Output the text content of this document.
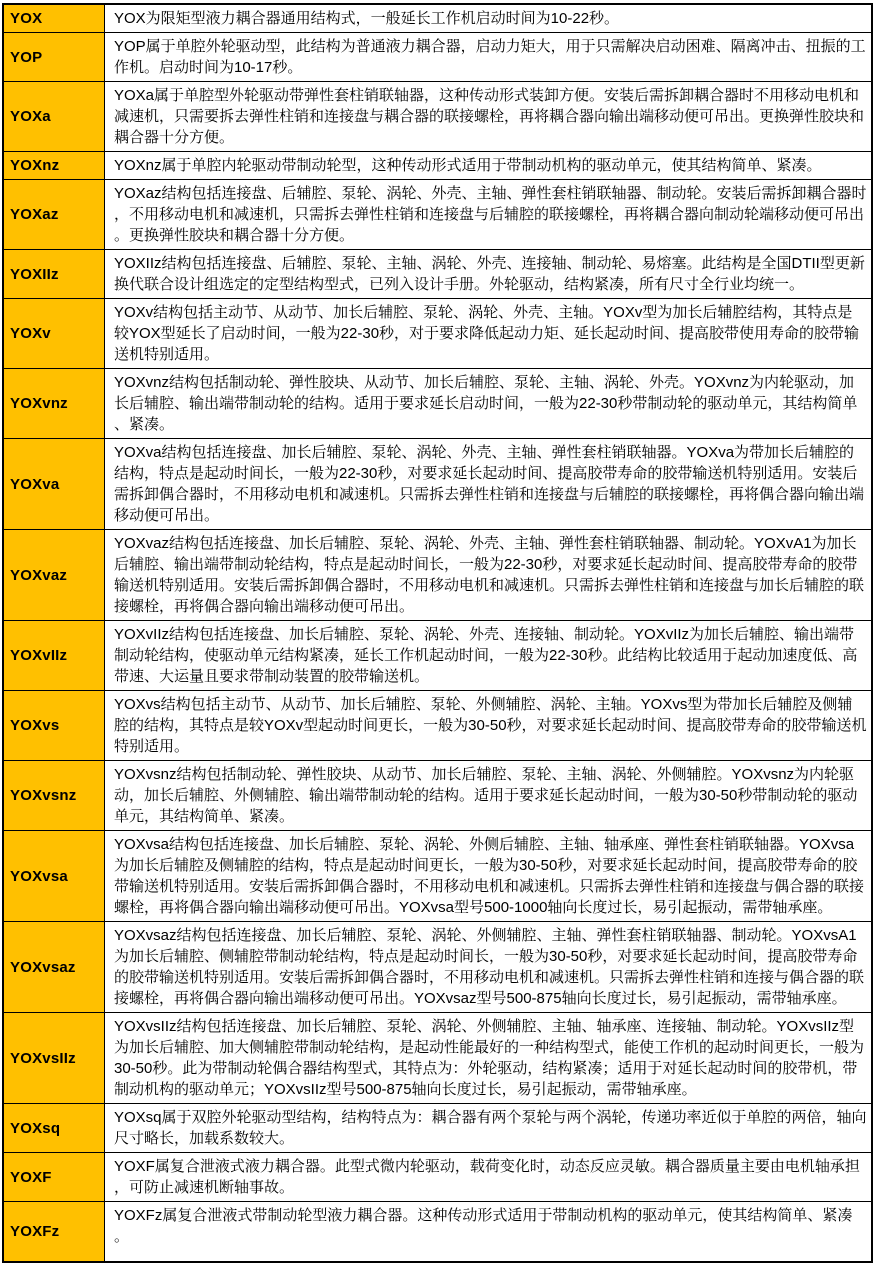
YOX	YOX为限矩型液力耦合器通用结构式，一般延长工作机启动时间为10-22秒。
YOP	YOP属于单腔外轮驱动型，此结构为普通液力耦合器，启动力矩大，用于只需解决启动困难、隔离冲击、扭振的工作机。启动时间为10-17秒。
YOXa	YOXa属于单腔型外轮驱动带弹性套柱销联轴器，这种传动形式装卸方便。安装后需拆卸耦合器时不用移动电机和减速机，只需要拆去弹性柱销和连接盘与耦合器的联接螺栓，再将耦合器向输出端移动便可吊出。更换弹性胶块和耦合器十分方便。
YOXnz	YOXnz属于单腔内轮驱动带制动轮型，这种传动形式适用于带制动机构的驱动单元，使其结构简单、紧凑。
YOXaz	YOXaz结构包括连接盘、后辅腔、泵轮、涡轮、外壳、主轴、弹性套柱销联轴器、制动轮。安装后需拆卸耦合器时，不用移动电机和减速机，只需拆去弹性柱销和连接盘与后辅腔的联接螺栓，再将耦合器向制动轮端移动便可吊出。更换弹性胶块和耦合器十分方便。
YOXIIz	YOXIIz结构包括连接盘、后辅腔、泵轮、主轴、涡轮、外壳、连接轴、制动轮、易熔塞。此结构是全国DTII型更新换代联合设计组选定的定型结构型式，已列入设计手册。外轮驱动，结构紧凑，所有尺寸全行业均统一。
YOXv	YOXv结构包括主动节、从动节、加长后辅腔、泵轮、涡轮、外壳、主轴。YOXv型为加长后辅腔结构，其特点是较YOX型延长了启动时间，一般为22-30秒，对于要求降低起动力矩、延长起动时间、提高胶带使用寿命的胶带输送机特别适用。
YOXvnz	YOXvnz结构包括制动轮、弹性胶块、从动节、加长后辅腔、泵轮、主轴、涡轮、外壳。YOXvnz为内轮驱动，加长后辅腔、输出端带制动轮的结构。适用于要求延长启动时间，一般为22-30秒带制动轮的驱动单元，其结构简单、紧凑。
YOXva	YOXva结构包括连接盘、加长后辅腔、泵轮、涡轮、外壳、主轴、弹性套柱销联轴器。YOXva为带加长后辅腔的结构，特点是起动时间长，一般为22-30秒，对要求延长起动时间、提高胶带寿命的胶带输送机特别适用。安装后需拆卸偶合器时，不用移动电机和减速机。只需拆去弹性柱销和连接盘与后辅腔的联接螺栓，再将偶合器向输出端移动便可吊出。
YOXvaz	YOXvaz结构包括连接盘、加长后辅腔、泵轮、涡轮、外壳、主轴、弹性套柱销联轴器、制动轮。YOXvA1为加长后辅腔、输出端带制动轮结构，特点是起动时间长，一般为22-30秒，对要求延长起动时间、提高胶带寿命的胶带输送机特别适用。安装后需拆卸偶合器时，不用移动电机和减速机。只需拆去弹性柱销和连接盘与加长后辅腔的联接螺栓，再将偶合器向输出端移动便可吊出。
YOXvIIz	YOXvIIz结构包括连接盘、加长后辅腔、泵轮、涡轮、外壳、连接轴、制动轮。YOXvIIz为加长后辅腔、输出端带制动轮结构，使驱动单元结构紧凑，延长工作机起动时间，一般为22-30秒。此结构比较适用于起动加速度低、高带速、大运量且要求带制动装置的胶带输送机。
YOXvs	YOXvs结构包括主动节、从动节、加长后辅腔、泵轮、外侧辅腔、涡轮、主轴。YOXvs型为带加长后辅腔及侧辅腔的结构，其特点是较YOXv型起动时间更长，一般为30-50秒，对要求延长起动时间、提高胶带寿命的胶带输送机特别适用。
YOXvsnz	YOXvsnz结构包括制动轮、弹性胶块、从动节、加长后辅腔、泵轮、主轴、涡轮、外侧辅腔。YOXvsnz为内轮驱动，加长后辅腔、外侧辅腔、输出端带制动轮的结构。适用于要求延长起动时间，一般为30-50秒带制动轮的驱动单元，其结构简单、紧凑。
YOXvsa	YOXvsa结构包括连接盘、加长后辅腔、泵轮、涡轮、外侧后辅腔、主轴、轴承座、弹性套柱销联轴器。YOXvsa为加长后辅腔及侧辅腔的结构，特点是起动时间更长，一般为30-50秒，对要求延长起动时间，提高胶带寿命的胶带输送机特别适用。安装后需拆卸偶合器时，不用移动电机和减速机。只需拆去弹性柱销和连接盘与偶合器的联接螺栓，再将偶合器向输出端移动便可吊出。YOXvsa型号500-1000轴向长度过长，易引起振动，需带轴承座。
YOXvsaz	YOXvsaz结构包括连接盘、加长后辅腔、泵轮、涡轮、外侧辅腔、主轴、弹性套柱销联轴器、制动轮。YOXvsA1为加长后辅腔、侧辅腔带制动轮结构，特点是起动时间长，一般为30-50秒，对要求延长起动时间，提高胶带寿命的胶带输送机特别适用。安装后需拆卸偶合器时，不用移动电机和减速机。只需拆去弹性柱销和连接与偶合器的联接螺栓，再将偶合器向输出端移动便可吊出。YOXvsaz型号500-875轴向长度过长，易引起振动，需带轴承座。
YOXvsIIz	YOXvsIIz结构包括连接盘、加长后辅腔、泵轮、涡轮、外侧辅腔、主轴、轴承座、连接轴、制动轮。YOXvsIIz型为加长后辅腔、加大侧辅腔带制动轮结构，是起动性能最好的一种结构型式，能使工作机的起动时间更长，一般为30-50秒。此为带制动轮偶合器结构型式，其特点为：外轮驱动，结构紧凑；适用于对延长起动时间的胶带机，带制动机构的驱动单元；YOXvsIIz型号500-875轴向长度过长，易引起振动，需带轴承座。
YOXsq	YOXsq属于双腔外轮驱动型结构，结构特点为：耦合器有两个泵轮与两个涡轮，传递功率近似于单腔的两倍，轴向尺寸略长，加载系数较大。
YOXF	YOXF属复合泄液式液力耦合器。此型式微内轮驱动，载荷变化时，动态反应灵敏。耦合器质量主要由电机轴承担，可防止减速机断轴事故。
YOXFz	YOXFz属复合泄液式带制动轮型液力耦合器。这种传动形式适用于带制动机构的驱动单元，使其结构简单、紧凑。
